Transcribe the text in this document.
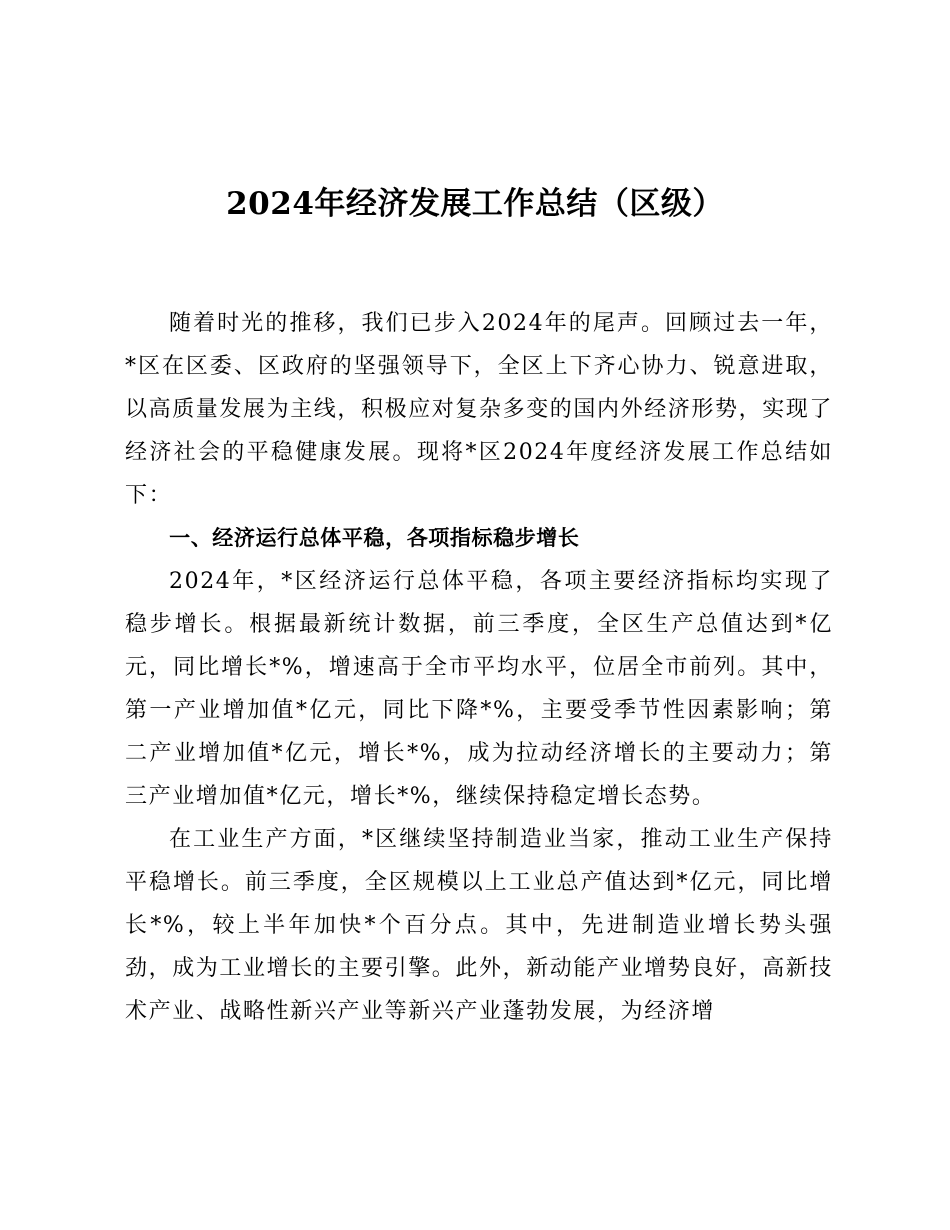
2024年经济发展工作总结（区级）

随着时光的推移，我们已步入2024年的尾声。回顾过去一年，*区在区委、区政府的坚强领导下，全区上下齐心协力、锐意进取，以高质量发展为主线，积极应对复杂多变的国内外经济形势，实现了经济社会的平稳健康发展。现将*区2024年度经济发展工作总结如下：

一、经济运行总体平稳，各项指标稳步增长

2024年，*区经济运行总体平稳，各项主要经济指标均实现了稳步增长。根据最新统计数据，前三季度，全区生产总值达到*亿元，同比增长*%，增速高于全市平均水平，位居全市前列。其中，第一产业增加值*亿元，同比下降*%，主要受季节性因素影响；第二产业增加值*亿元，增长*%，成为拉动经济增长的主要动力；第三产业增加值*亿元，增长*%，继续保持稳定增长态势。

在工业生产方面，*区继续坚持制造业当家，推动工业生产保持平稳增长。前三季度，全区规模以上工业总产值达到*亿元，同比增长*%，较上半年加快*个百分点。其中，先进制造业增长势头强劲，成为工业增长的主要引擎。此外，新动能产业增势良好，高新技术产业、战略性新兴产业等新兴产业蓬勃发展，为经济增
